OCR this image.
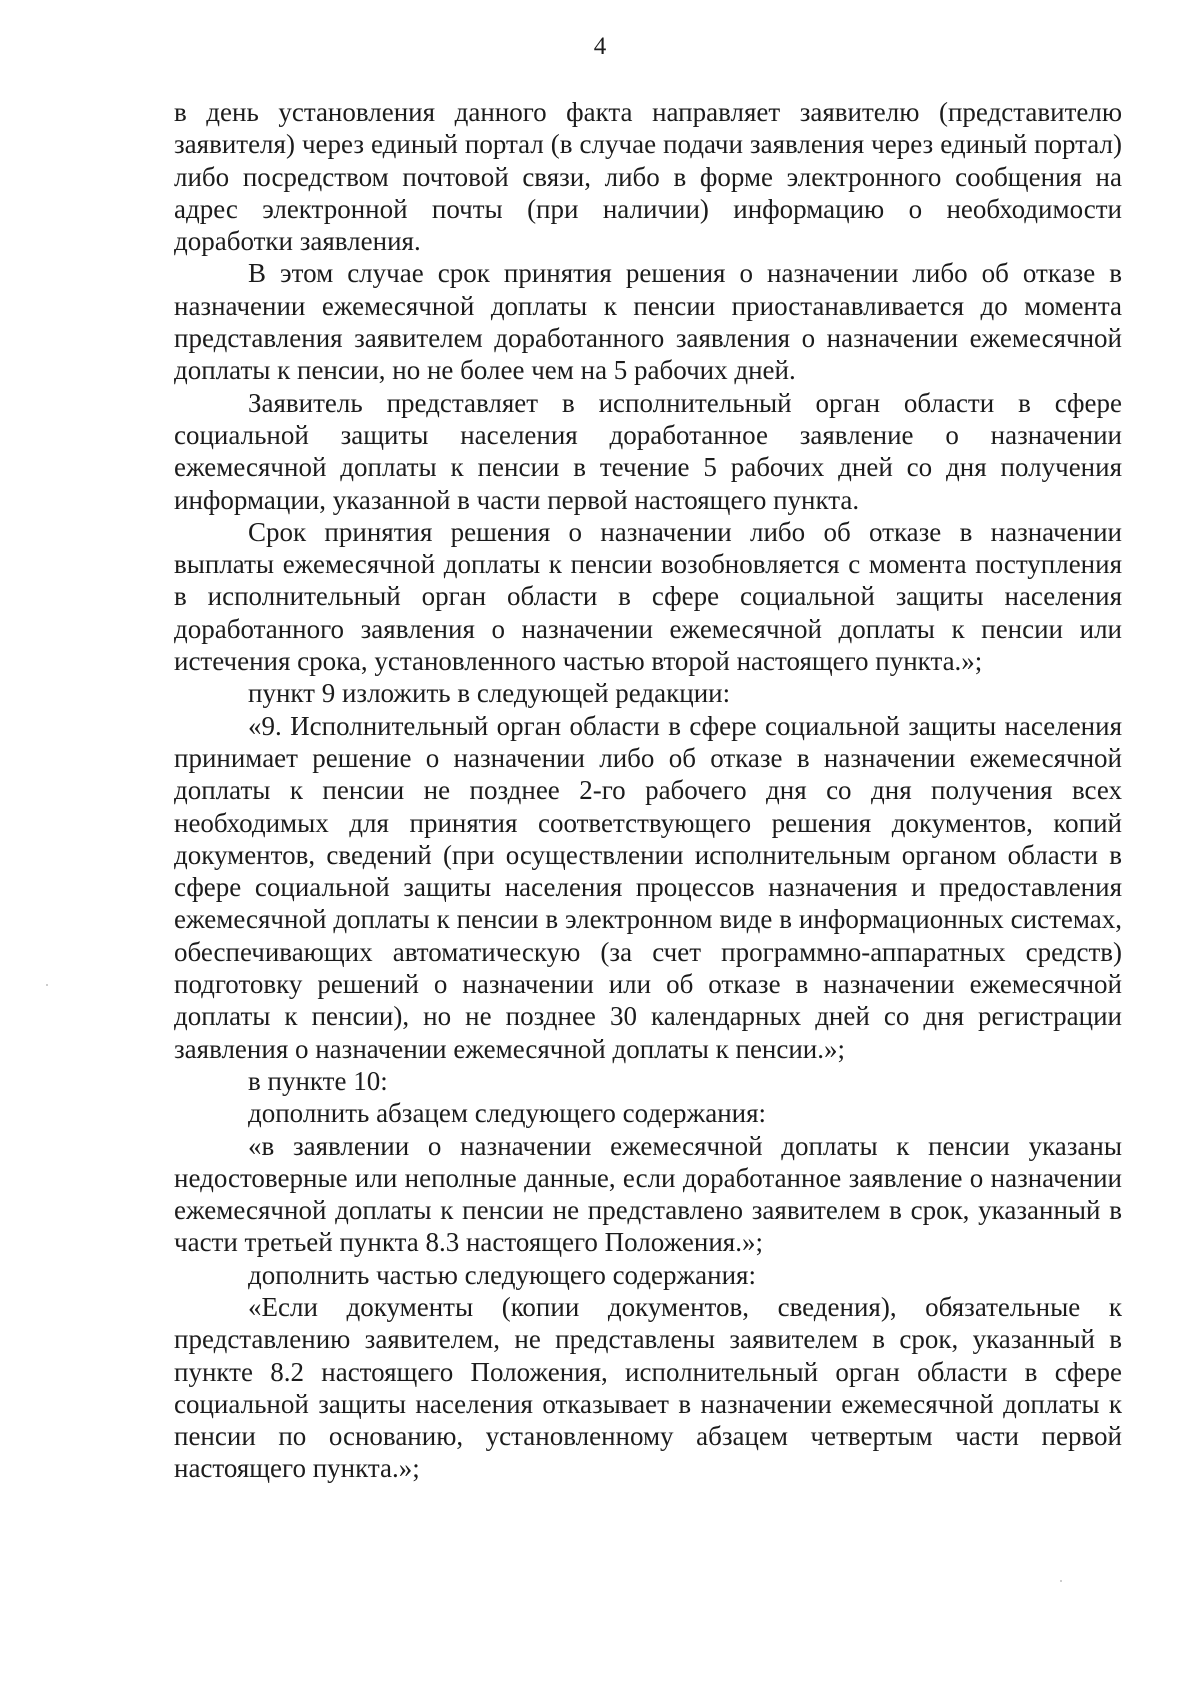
4

в день установления данного факта направляет заявителю (представителю заявителя) через единый портал (в случае подачи заявления через единый портал) либо посредством почтовой связи, либо в форме электронного сообщения на адрес электронной почты (при наличии) информацию о необходимости доработки заявления.

В этом случае срок принятия решения о назначении либо об отказе в назначении ежемесячной доплаты к пенсии приостанавливается до момента представления заявителем доработанного заявления о назначении ежемесячной доплаты к пенсии, но не более чем на 5 рабочих дней.

Заявитель представляет в исполнительный орган области в сфере социальной защиты населения доработанное заявление о назначении ежемесячной доплаты к пенсии в течение 5 рабочих дней со дня получения информации, указанной в части первой настоящего пункта.

Срок принятия решения о назначении либо об отказе в назначении выплаты ежемесячной доплаты к пенсии возобновляется с момента поступления в исполнительный орган области в сфере социальной защиты населения доработанного заявления о назначении ежемесячной доплаты к пенсии или истечения срока, установленного частью второй настоящего пункта.»;

пункт 9 изложить в следующей редакции:

«9. Исполнительный орган области в сфере социальной защиты населения принимает решение о назначении либо об отказе в назначении ежемесячной доплаты к пенсии не позднее 2-го рабочего дня со дня получения всех необходимых для принятия соответствующего решения документов, копий документов, сведений (при осуществлении исполнительным органом области в сфере социальной защиты населения процессов назначения и предоставления ежемесячной доплаты к пенсии в электронном виде в информационных системах, обеспечивающих автоматическую (за счет программно-аппаратных средств) подготовку решений о назначении или об отказе в назначении ежемесячной доплаты к пенсии), но не позднее 30 календарных дней со дня регистрации заявления о назначении ежемесячной доплаты к пенсии.»;

в пункте 10:

дополнить абзацем следующего содержания:

«в заявлении о назначении ежемесячной доплаты к пенсии указаны недостоверные или неполные данные, если доработанное заявление о назначении ежемесячной доплаты к пенсии не представлено заявителем в срок, указанный в части третьей пункта 8.3 настоящего Положения.»;

дополнить частью следующего содержания:

«Если документы (копии документов, сведения), обязательные к представлению заявителем, не представлены заявителем в срок, указанный в пункте 8.2 настоящего Положения, исполнительный орган области в сфере социальной защиты населения отказывает в назначении ежемесячной доплаты к пенсии по основанию, установленному абзацем четвертым части первой настоящего пункта.»;
